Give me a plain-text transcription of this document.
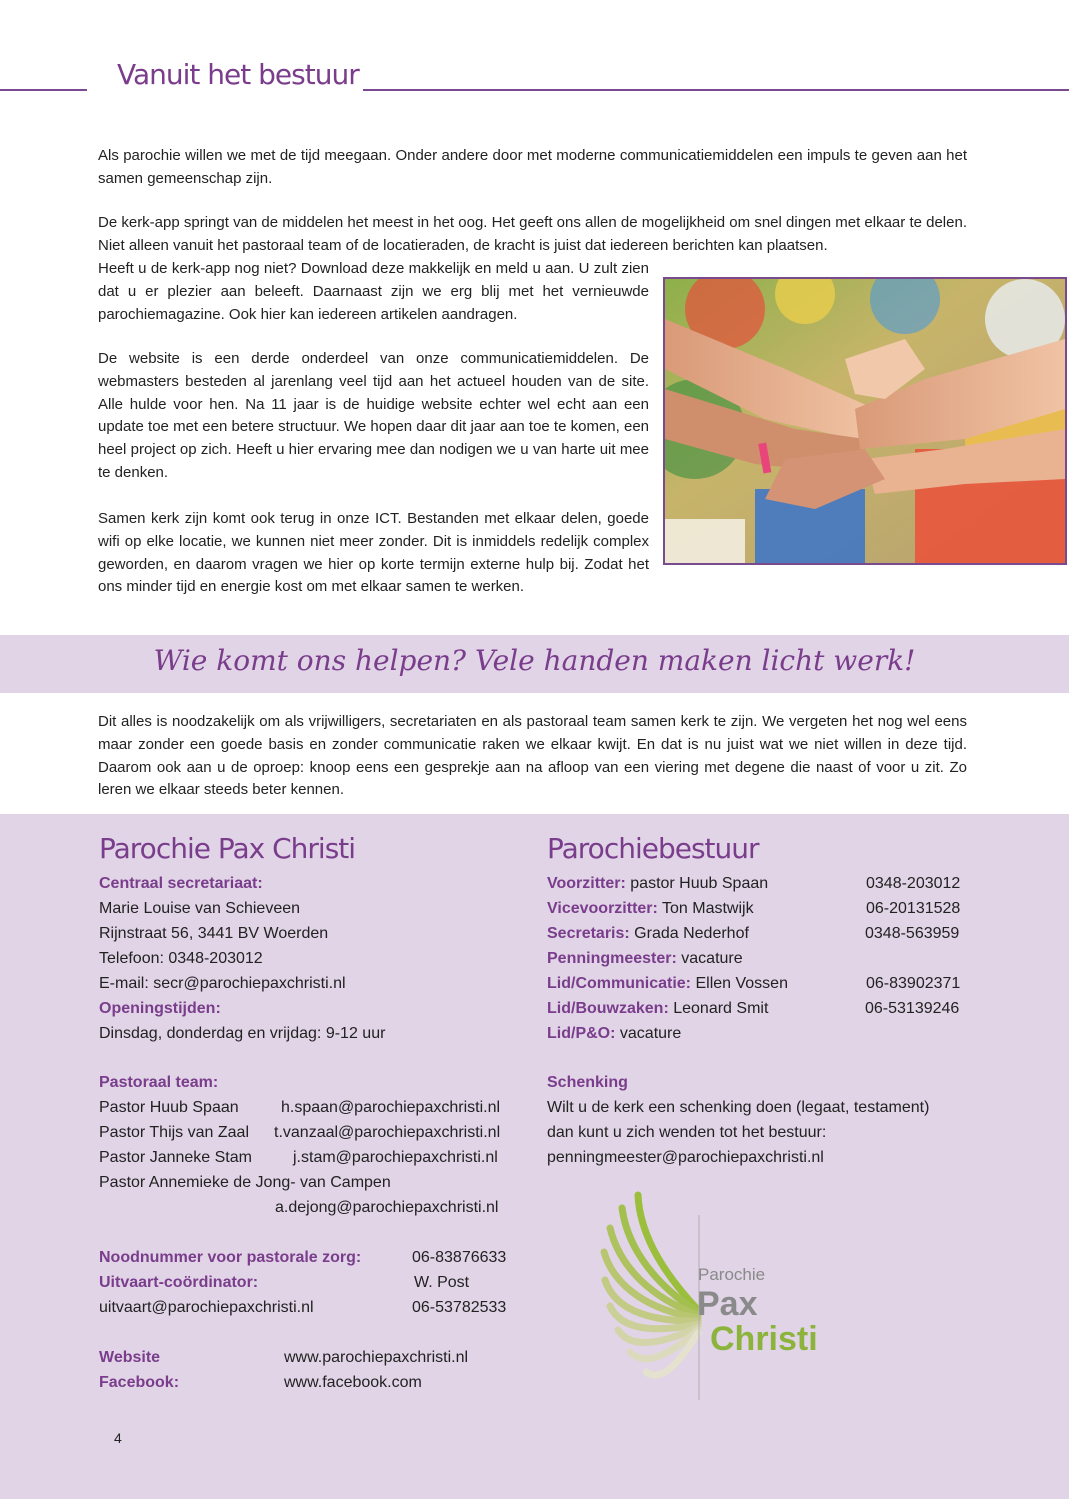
Vanuit het bestuur

Als parochie willen we met de tijd meegaan. Onder andere door met moderne communicatiemiddelen een impuls te geven aan het samen gemeenschap zijn.

De kerk-app springt van de middelen het meest in het oog. Het geeft ons allen de mogelijkheid om snel dingen met elkaar te delen. Niet alleen vanuit het pastoraal team of de locatieraden, de kracht is juist dat iedereen berichten kan plaatsen.

Heeft u de kerk-app nog niet? Download deze makkelijk en meld u aan. U zult zien dat u er plezier aan beleeft. Daarnaast zijn we erg blij met het vernieuwde parochiemagazine. Ook hier kan iedereen artikelen aandragen.

De website is een derde onderdeel van onze communicatiemiddelen. De webmasters besteden al jarenlang veel tijd aan het actueel houden van de site. Alle hulde voor hen. Na 11 jaar is de huidige website echter wel echt aan een update toe met een betere structuur. We hopen daar dit jaar aan toe te komen, een heel project op zich. Heeft u hier ervaring mee dan nodigen we u van harte uit mee te denken.

Samen kerk zijn komt ook terug in onze ICT. Bestanden met elkaar delen, goede wifi op elke locatie, we kunnen niet meer zonder. Dit is inmiddels redelijk complex geworden, en daarom vragen we hier op korte termijn externe hulp bij. Zodat het ons minder tijd en energie kost om met elkaar samen te werken.

Wie komt ons helpen? Vele handen maken licht werk!

Dit alles is noodzakelijk om als vrijwilligers, secretariaten en als pastoraal team samen kerk te zijn. We vergeten het nog wel eens maar zonder een goede basis en zonder communicatie raken we elkaar kwijt. En dat is nu juist wat we niet willen in deze tijd. Daarom ook aan u de oproep: knoop eens een gesprekje aan na afloop van een viering met degene die naast of voor u zit. Zo leren we elkaar steeds beter kennen.

Parochie Pax Christi
Centraal secretariaat:
Marie Louise van Schieveen
Rijnstraat 56, 3441 BV Woerden
Telefoon: 0348-203012
E-mail: secr@parochiepaxchristi.nl
Openingstijden:
Dinsdag, donderdag en vrijdag: 9-12 uur
Pastoraal team:
Pastor Huub Spaan	h.spaan@parochiepaxchristi.nl
Pastor Thijs van Zaal t.vanzaal@parochiepaxchristi.nl
Pastor Janneke Stam	j.stam@parochiepaxchristi.nl
Pastor Annemieke de Jong- van Campen
a.dejong@parochiepaxchristi.nl
Noodnummer voor pastorale zorg:	06-83876633
Uitvaart-coördinator:	W. Post
uitvaart@parochiepaxchristi.nl	06-53782533
Website	www.parochiepaxchristi.nl
Facebook:	www.facebook.com
Parochiebestuur
Voorzitter: pastor Huub Spaan	0348-203012
Vicevoorzitter: Ton Mastwijk	06-20131528
Secretaris: Grada Nederhof	0348-563959
Penningmeester: vacature
Lid/Communicatie: Ellen Vossen	06-83902371
Lid/Bouwzaken: Leonard Smit	06-53139246
Lid/P&O: vacature
Schenking
Wilt u de kerk een schenking doen (legaat, testament)
dan kunt u zich wenden tot het bestuur:
penningmeester@parochiepaxchristi.nl
Parochie
Pax
Christi
4
